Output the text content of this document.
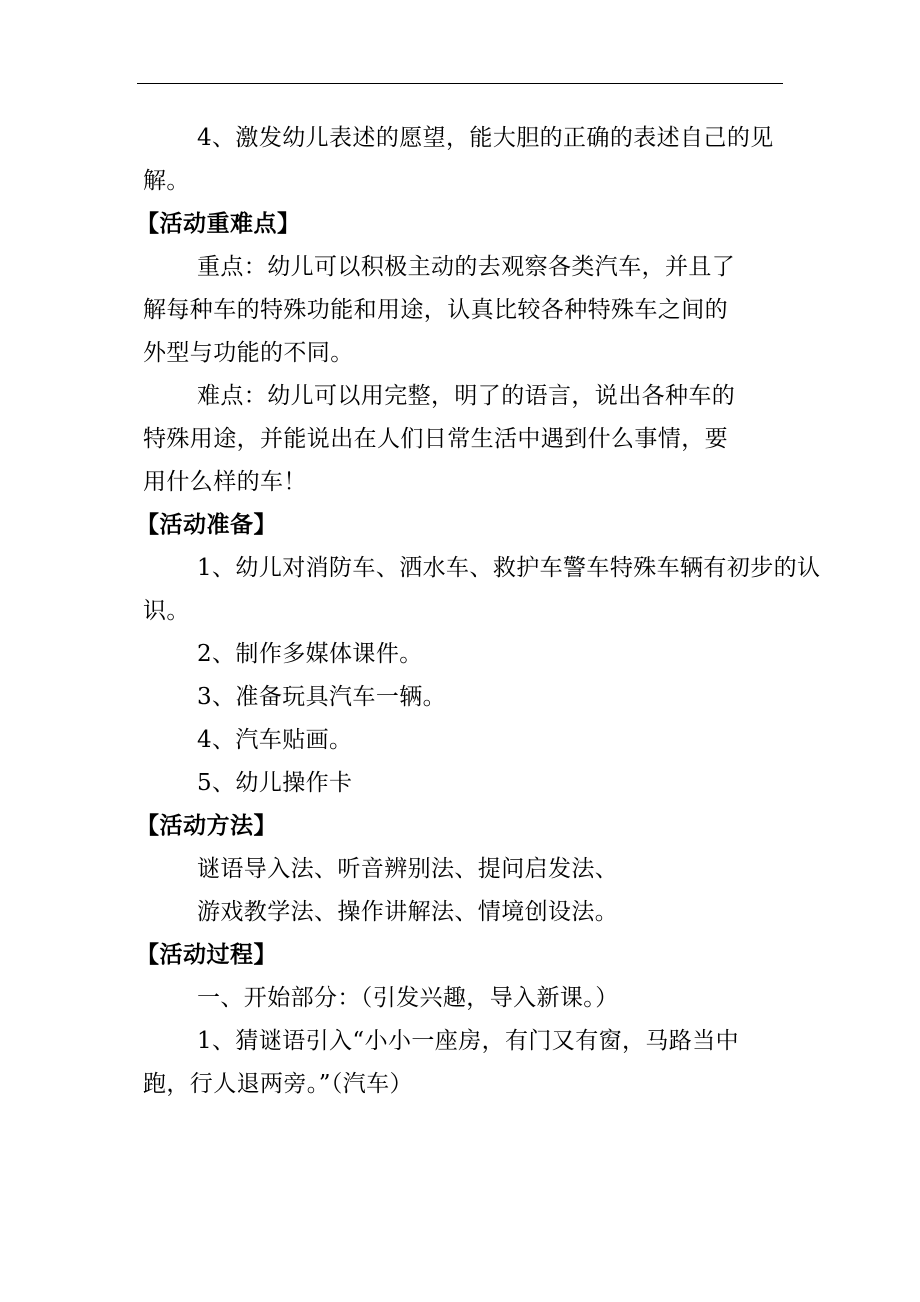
4、激发幼儿表述的愿望，能大胆的正确的表述自己的见
解。
【活动重难点】
重点：幼儿可以积极主动的去观察各类汽车，并且了
解每种车的特殊功能和用途，认真比较各种特殊车之间的
外型与功能的不同。
难点：幼儿可以用完整，明了的语言，说出各种车的
特殊用途，并能说出在人们日常生活中遇到什么事情，要
用什么样的车！
【活动准备】
1、幼儿对消防车、洒水车、救护车警车特殊车辆有初步的认
识。
2、制作多媒体课件。
3、准备玩具汽车一辆。
4、汽车贴画。
5、幼儿操作卡
【活动方法】
谜语导入法、听音辨别法、提问启发法、
游戏教学法、操作讲解法、情境创设法。
【活动过程】
一、开始部分：（引发兴趣，导入新课。）
1、猜谜语引入“小小一座房，有门又有窗，马路当中
跑，行人退两旁。”（汽车）
